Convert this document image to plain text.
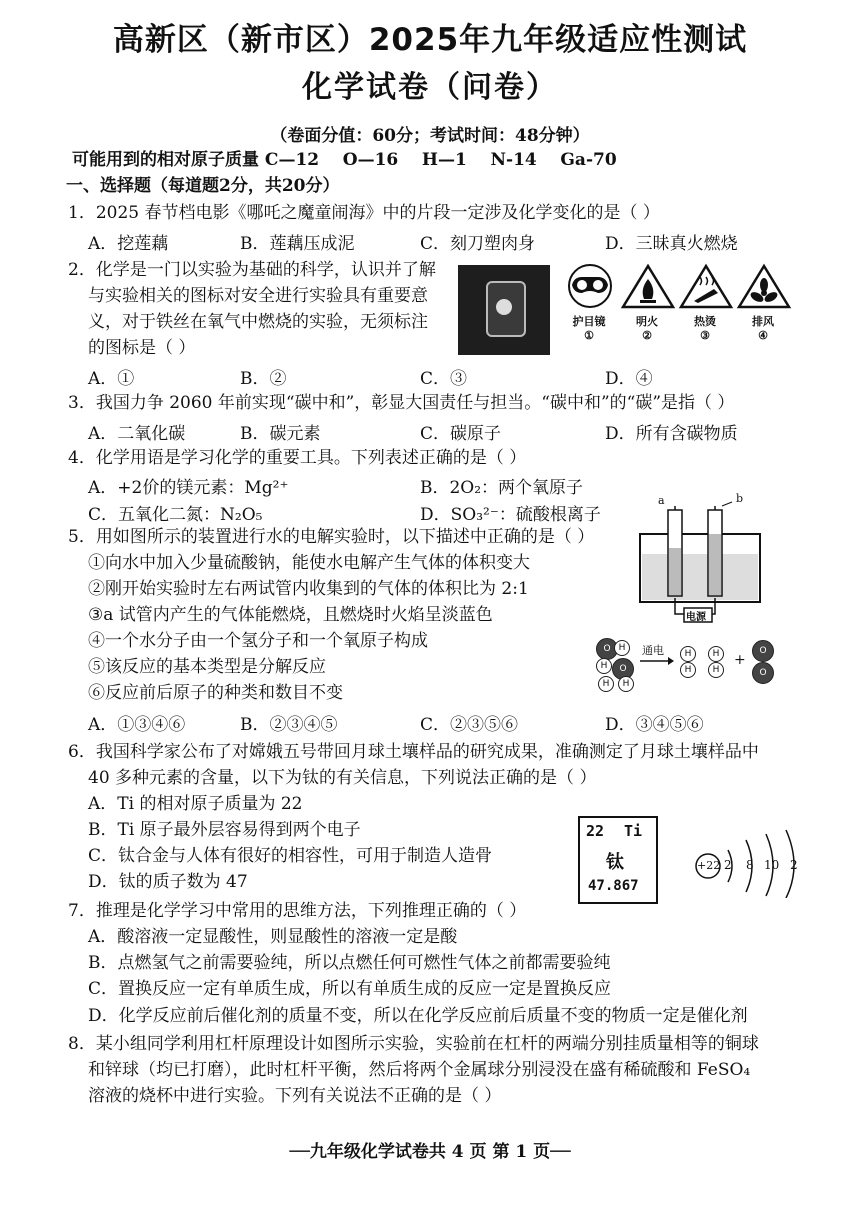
高新区（新市区）2025年九年级适应性测试
化学试卷（问卷）
（卷面分值：60分；考试时间：48分钟）
可能用到的相对原子质量 C—12    O—16    H—1    N-14    Ga-70
一、选择题（每道题2分，共20分）
1．2025 春节档电影《哪吒之魔童闹海》中的片段一定涉及化学变化的是（ ）
A．挖莲藕	B．莲藕压成泥	C．刻刀塑肉身	D．三昧真火燃烧
2．化学是一门以实验为基础的科学，认识并了解
与实验相关的图标对安全进行实验具有重要意
义，对于铁丝在氧气中燃烧的实验，无须标注
的图标是（ ）
护目镜
①
明火
②
热烫
③
排风
④
A．①	B．②	C．③	D．④
3．我国力争 2060 年前实现“碳中和”，彰显大国责任与担当。“碳中和”的“碳”是指（ ）
A．二氧化碳	B．碳元素	C．碳原子	D．所有含碳物质
4．化学用语是学习化学的重要工具。下列表述正确的是（ ）
A．+2价的镁元素：Mg²⁺	B．2O₂：两个氧原子
C．五氧化二氮：N₂O₅	D．SO₃²⁻：硫酸根离子
a	b
电源
5．用如图所示的装置进行水的电解实验时，以下描述中正确的是（ ）
①向水中加入少量硫酸钠，能使水电解产生气体的体积变大
②刚开始实验时左右两试管内收集到的气体的体积比为 2:1
③a 试管内产生的气体能燃烧，且燃烧时火焰呈淡蓝色
④一个水分子由一个氢分子和一个氧原子构成
⑤该反应的基本类型是分解反应
⑥反应前后原子的种类和数目不变
O H
H	O
H
H
通电	H
H
H
H
+
O
O
A．①③④⑥	B．②③④⑤	C．②③⑤⑥	D．③④⑤⑥
6．我国科学家公布了对嫦娥五号带回月球土壤样品的研究成果，准确测定了月球土壤样品中
40 多种元素的含量，以下为钛的有关信息，下列说法正确的是（ ）
A．Ti 的相对原子质量为 22
B．Ti 原子最外层容易得到两个电子
C．钛合金与人体有很好的相容性，可用于制造人造骨
D．钛的质子数为 47
22 Ti
钛
47.867
+22 2 8 10 2
7．推理是化学学习中常用的思维方法，下列推理正确的（ ）
A．酸溶液一定显酸性，则显酸性的溶液一定是酸
B．点燃氢气之前需要验纯，所以点燃任何可燃性气体之前都需要验纯
C．置换反应一定有单质生成，所以有单质生成的反应一定是置换反应
D．化学反应前后催化剂的质量不变，所以在化学反应前后质量不变的物质一定是催化剂
8．某小组同学利用杠杆原理设计如图所示实验，实验前在杠杆的两端分别挂质量相等的铜球
和锌球（均已打磨），此时杠杆平衡，然后将两个金属球分别浸没在盛有稀硫酸和 FeSO₄
溶液的烧杯中进行实验。下列有关说法不正确的是（ ）
──九年级化学试卷共 4 页 第 1 页──
